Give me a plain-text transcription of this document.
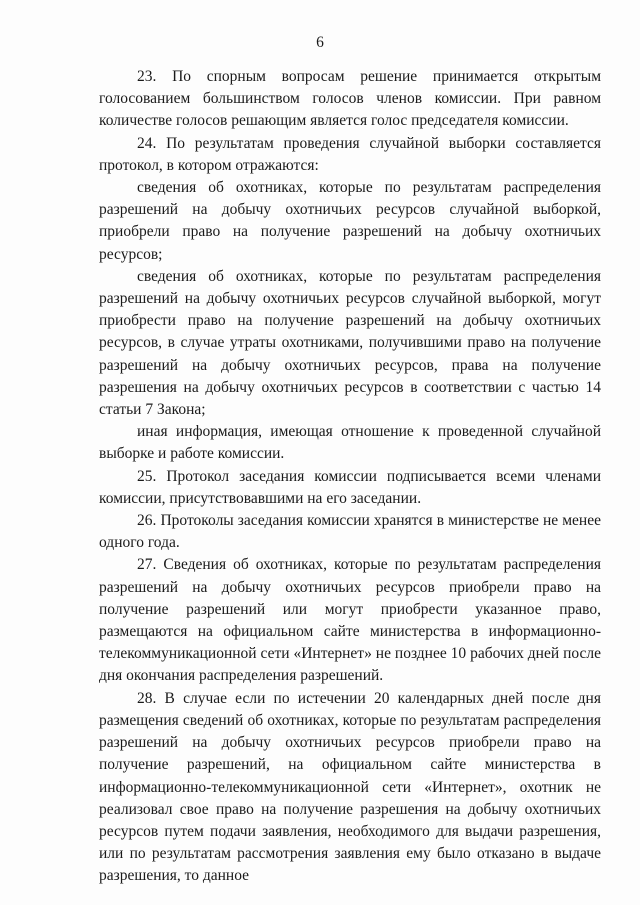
6

23. По спорным вопросам решение принимается открытым голосованием большинством голосов членов комиссии. При равном количестве голосов решающим является голос председателя комиссии.

24. По результатам проведения случайной выборки составляется протокол, в котором отражаются:

сведения об охотниках, которые по результатам распределения разрешений на добычу охотничьих ресурсов случайной выборкой, приобрели право на получение разрешений на добычу охотничьих ресурсов;

сведения об охотниках, которые по результатам распределения разрешений на добычу охотничьих ресурсов случайной выборкой, могут приобрести право на получение разрешений на добычу охотничьих ресурсов, в случае утраты охотниками, получившими право на получение разрешений на добычу охотничьих ресурсов, права на получение разрешения на добычу охотничьих ресурсов в соответствии с частью 14 статьи 7 Закона;

иная информация, имеющая отношение к проведенной случайной выборке и работе комиссии.

25. Протокол заседания комиссии подписывается всеми членами комиссии, присутствовавшими на его заседании.

26. Протоколы заседания комиссии хранятся в министерстве не менее одного года.

27. Сведения об охотниках, которые по результатам распределения разрешений на добычу охотничьих ресурсов приобрели право на получение разрешений или могут приобрести указанное право, размещаются на официальном сайте министерства в информационно-телекоммуникационной сети «Интернет» не позднее 10 рабочих дней после дня окончания распределения разрешений.

28. В случае если по истечении 20 календарных дней после дня размещения сведений об охотниках, которые по результатам распределения разрешений на добычу охотничьих ресурсов приобрели право на получение разрешений, на официальном сайте министерства в информационно-телекоммуникационной сети «Интернет», охотник не реализовал свое право на получение разрешения на добычу охотничьих ресурсов путем подачи заявления, необходимого для выдачи разрешения, или по результатам рассмотрения заявления ему было отказано в выдаче разрешения, то данное
